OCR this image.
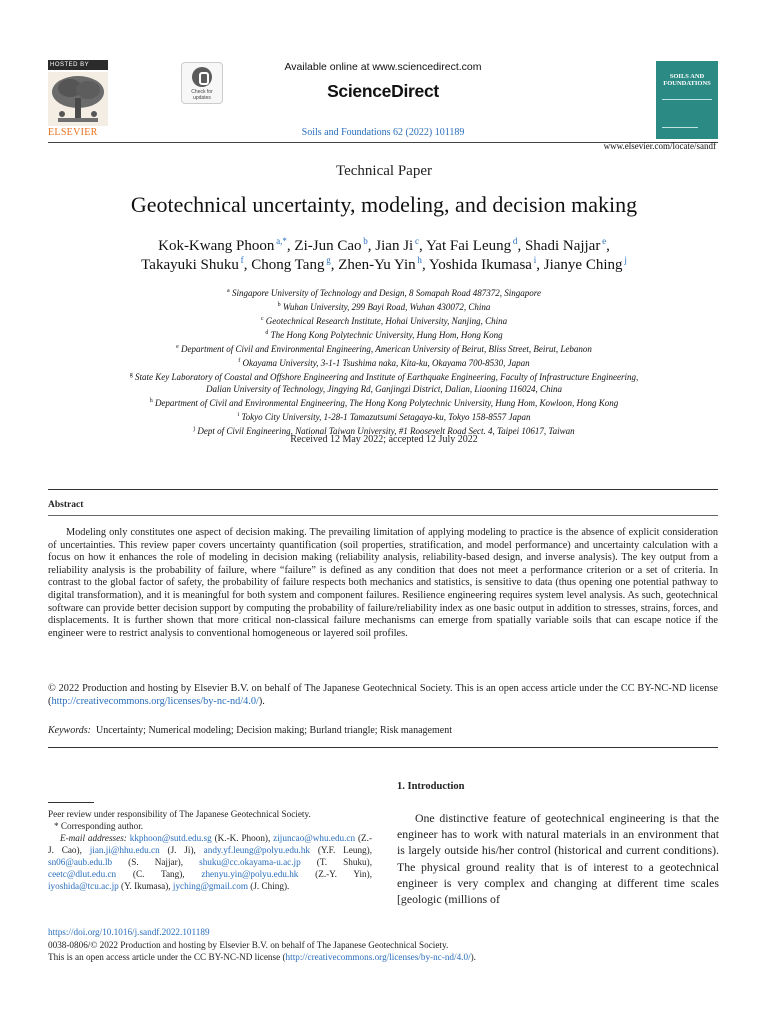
HOSTED BY
ELSEVIER
Check for updates
Available online at www.sciencedirect.com
ScienceDirect
Soils and Foundations 62 (2022) 101189
SOILS AND FOUNDATIONS
www.elsevier.com/locate/sandf
Technical Paper
Geotechnical uncertainty, modeling, and decision making
Kok-Kwang Phoon $^{a,*}$, Zi-Jun Cao $^b$, Jian Ji $^c$, Yat Fai Leung $^d$, Shadi Najjar $^e$,
Takayuki Shuku $^f$, Chong Tang $^g$, Zhen-Yu Yin $^h$, Yoshida Ikumasa $^i$, Jianye Ching $^j$
$^a$ Singapore University of Technology and Design, 8 Somapah Road 487372, Singapore
$^b$ Wuhan University, 299 Bayi Road, Wuhan 430072, China
$^c$ Geotechnical Research Institute, Hohai University, Nanjing, China
$^d$ The Hong Kong Polytechnic University, Hung Hom, Hong Kong
$^e$ Department of Civil and Environmental Engineering, American University of Beirut, Bliss Street, Beirut, Lebanon
$^f$ Okayama University, 3-1-1 Tsushima naka, Kita-ku, Okayama 700-8530, Japan
$^g$ State Key Laboratory of Coastal and Offshore Engineering and Institute of Earthquake Engineering, Faculty of Infrastructure Engineering,
Dalian University of Technology, Jingying Rd, Ganjingzi District, Dalian, Liaoning 116024, China
$^h$ Department of Civil and Environmental Engineering, The Hong Kong Polytechnic University, Hung Hom, Kowloon, Hong Kong
$^i$ Tokyo City University, 1-28-1 Tamazutsumi Setagaya-ku, Tokyo 158-8557 Japan
$^j$ Dept of Civil Engineering, National Taiwan University, #1 Roosevelt Road Sect. 4, Taipei 10617, Taiwan
Received 12 May 2022; accepted 12 July 2022
Abstract

Modeling only constitutes one aspect of decision making. The prevailing limitation of applying modeling to practice is the absence of explicit consideration of uncertainties. This review paper covers uncertainty quantification (soil properties, stratification, and model performance) and uncertainty calculation with a focus on how it enhances the role of modeling in decision making (reliability analysis, reliability-based design, and inverse analysis). The key output from a reliability analysis is the probability of failure, where “failure” is defined as any condition that does not meet a performance criterion or a set of criteria. In contrast to the global factor of safety, the probability of failure respects both mechanics and statistics, is sensitive to data (thus opening one potential pathway to digital transformation), and it is meaningful for both system and component failures. Resilience engineering requires system level analysis. As such, geotechnical software can provide better decision support by computing the probability of failure/reliability index as one basic output in addition to stresses, strains, forces, and displacements. It is further shown that more critical non-classical failure mechanisms can emerge from spatially variable soils that can escape notice if the engineer were to restrict analysis to conventional homogeneous or layered soil profiles.

© 2022 Production and hosting by Elsevier B.V. on behalf of The Japanese Geotechnical Society. This is an open access article under the CC BY-NC-ND license (http://creativecommons.org/licenses/by-nc-nd/4.0/).
Keywords: Uncertainty; Numerical modeling; Decision making; Burland triangle; Risk management

Peer review under responsibility of The Japanese Geotechnical Society.

* Corresponding author.

E-mail addresses: kkphoon@sutd.edu.sg (K.-K. Phoon), zijuncao@whu.edu.cn (Z.-J. Cao), jian.ji@hhu.edu.cn (J. Ji), andy.yf.leung@polyu.edu.hk (Y.F. Leung), sn06@aub.edu.lb (S. Najjar), shuku@cc.okayama-u.ac.jp (T. Shuku), ceetc@dlut.edu.cn (C. Tang), zhenyu.yin@polyu.edu.hk (Z.-Y. Yin), iyoshida@tcu.ac.jp (Y. Ikumasa), jyching@gmail.com (J. Ching).

1. Introduction

One distinctive feature of geotechnical engineering is that the engineer has to work with natural materials in an environment that is largely outside his/her control (historical and current conditions). The physical ground reality that is of interest to a geotechnical engineer is very complex and changing at different time scales [geologic (millions of

https://doi.org/10.1016/j.sandf.2022.101189
0038-0806/© 2022 Production and hosting by Elsevier B.V. on behalf of The Japanese Geotechnical Society.
This is an open access article under the CC BY-NC-ND license (http://creativecommons.org/licenses/by-nc-nd/4.0/).
